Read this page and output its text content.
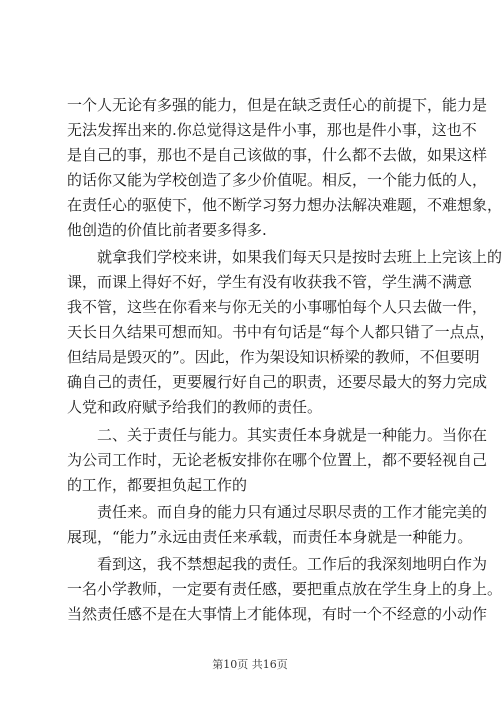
一个人无论有多强的能力，但是在缺乏责任心的前提下，能力是
无法发挥出来的.你总觉得这是件小事，那也是件小事，这也不
是自己的事，那也不是自己该做的事，什么都不去做，如果这样
的话你又能为学校创造了多少价值呢。相反，一个能力低的人，
在责任心的驱使下，他不断学习努力想办法解决难题，不难想象，
他创造的价值比前者要多得多.
就拿我们学校来讲，如果我们每天只是按时去班上上完该上的
课，而课上得好不好，学生有没有收获我不管，学生满不满意
我不管，这些在你看来与你无关的小事哪怕每个人只去做一件，
天长日久结果可想而知。书中有句话是“每个人都只错了一点点，
但结局是毁灭的”。因此，作为架设知识桥梁的教师，不但要明
确自己的责任，更要履行好自己的职责，还要尽最大的努力完成
人党和政府赋予给我们的教师的责任。
二、关于责任与能力。其实责任本身就是一种能力。当你在
为公司工作时，无论老板安排你在哪个位置上，都不要轻视自己
的工作，都要担负起工作的
责任来。而自身的能力只有通过尽职尽责的工作才能完美的
展现，“能力”永远由责任来承载，而责任本身就是一种能力。
看到这，我不禁想起我的责任。工作后的我深刻地明白作为
一名小学教师，一定要有责任感，要把重点放在学生身上的身上。
当然责任感不是在大事情上才能体现，有时一个不经意的小动作
第10页 共16页
